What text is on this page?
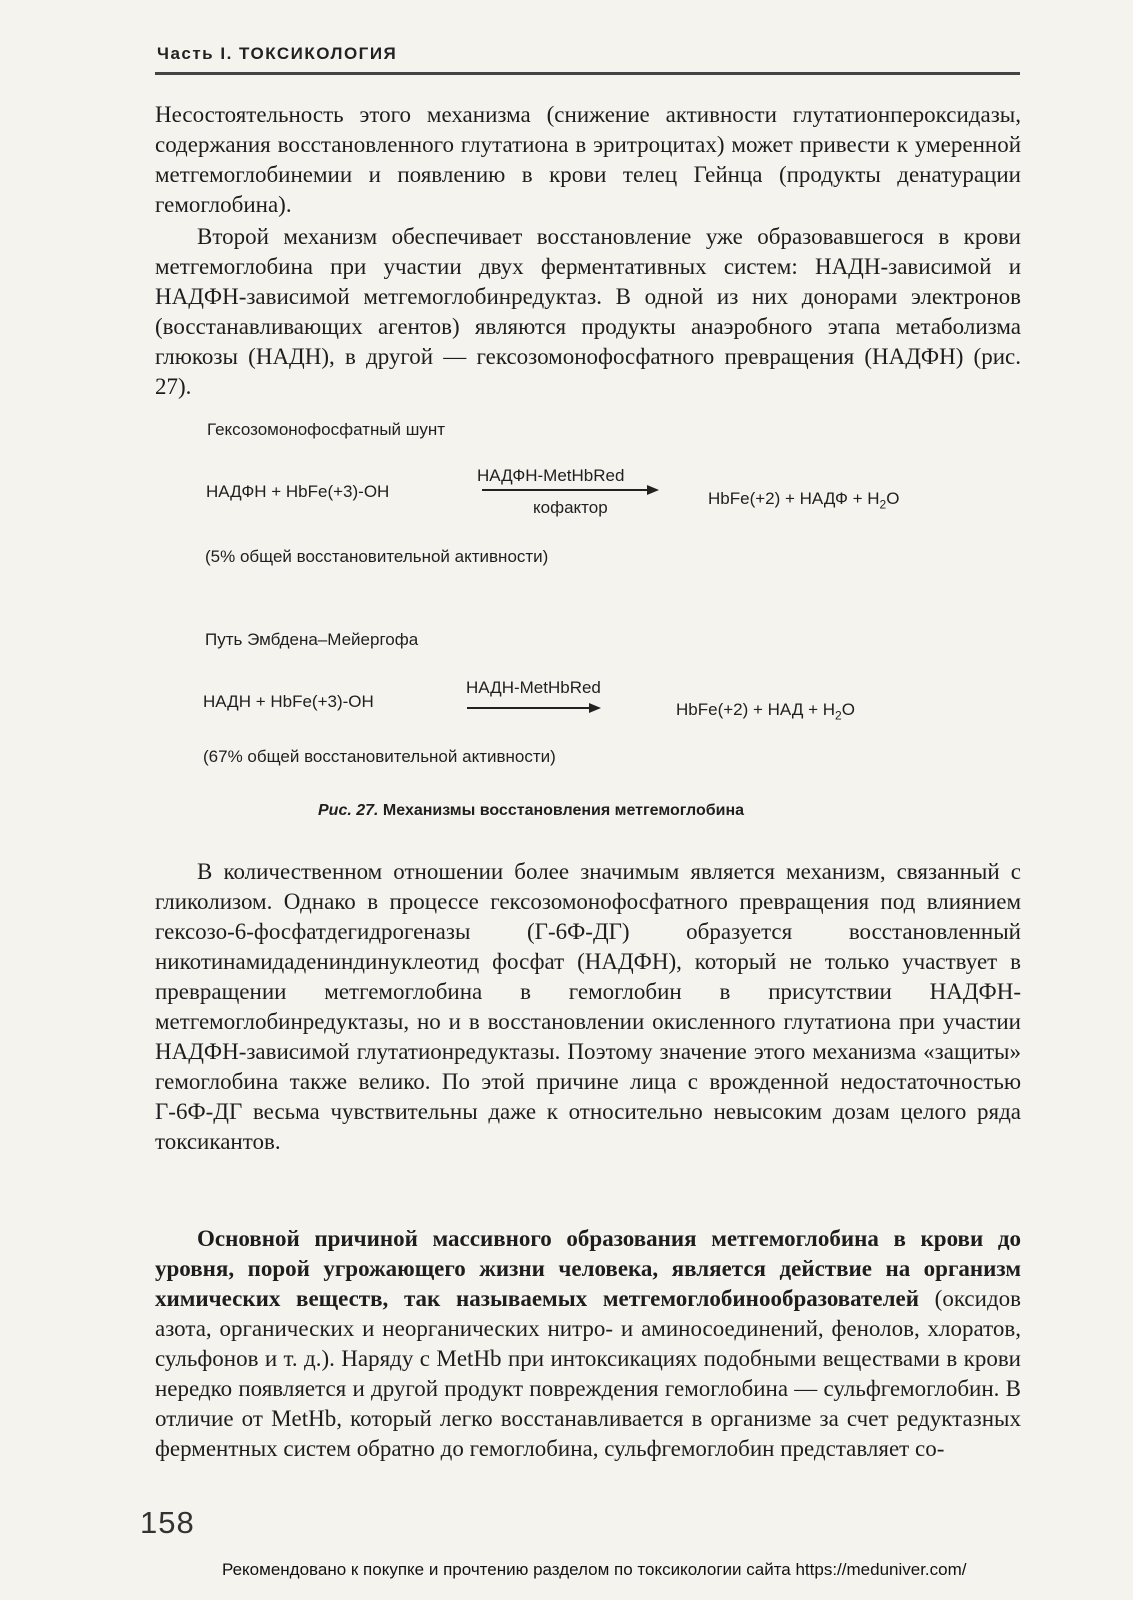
Часть I. ТОКСИКОЛОГИЯ

Несостоятельность этого механизма (снижение активности глутатионпероксидазы, содержания восстановленного глутатиона в эритроцитах) может привести к умеренной метгемоглобинемии и появлению в крови телец Гейнца (продукты денатурации гемоглобина).

Второй механизм обеспечивает восстановление уже образовавшегося в крови метгемоглобина при участии двух ферментативных систем: НАДН-зависимой и НАДФН-зависимой метгемоглобинредуктаз. В одной из них донорами электронов (восстанавливающих агентов) являются продукты анаэробного этапа метаболизма глюкозы (НАДН), в другой — гексозомонофосфатного превращения (НАДФН) (рис. 27).

Гексозомонофосфатный шунт
НАДФН + HbFe(+3)-OH
НАДФН-MetHbRed
кофактор	HbFe(+2) + НАДФ + $H_2O$
(5% общей восстановительной активности)
Путь Эмбдена–Мейергофа
НАДН + HbFe(+3)-OH
НАДН-MetHbRed
HbFe(+2) + НАД + $H_2O$
(67% общей восстановительной активности)
Рис. 27. Механизмы восстановления метгемоглобина

В количественном отношении более значимым является механизм, связанный с гликолизом. Однако в процессе гексозомонофосфатного превращения под влиянием гексозо-6-фосфатдегидрогеназы (Г-6Ф-ДГ) образуется восстановленный никотинамидадениндинуклеотид фосфат (НАДФН), который не только участвует в превращении метгемоглобина в гемоглобин в присутствии НАДФН-метгемоглобинредуктазы, но и в восстановлении окисленного глутатиона при участии НАДФН-зависимой глутатионредуктазы. Поэтому значение этого механизма «защиты» гемоглобина также велико. По этой причине лица с врожденной недостаточностью Г-6Ф-ДГ весьма чувствительны даже к относительно невысоким дозам целого ряда токсикантов.

Основной причиной массивного образования метгемоглобина в крови до уровня, порой угрожающего жизни человека, является действие на организм химических веществ, так называемых метгемоглобинообразователей (оксидов азота, органических и неорганических нитро- и аминосоединений, фенолов, хлоратов, сульфонов и т. д.). Наряду с MetHb при интоксикациях подобными веществами в крови нередко появляется и другой продукт повреждения гемоглобина — сульфгемоглобин. В отличие от MetHb, который легко восстанавливается в организме за счет редуктазных ферментных систем обратно до гемоглобина, сульфгемоглобин представляет со-

158
Рекомендовано к покупке и прочтению разделом по токсикологии сайта https://meduniver.com/
